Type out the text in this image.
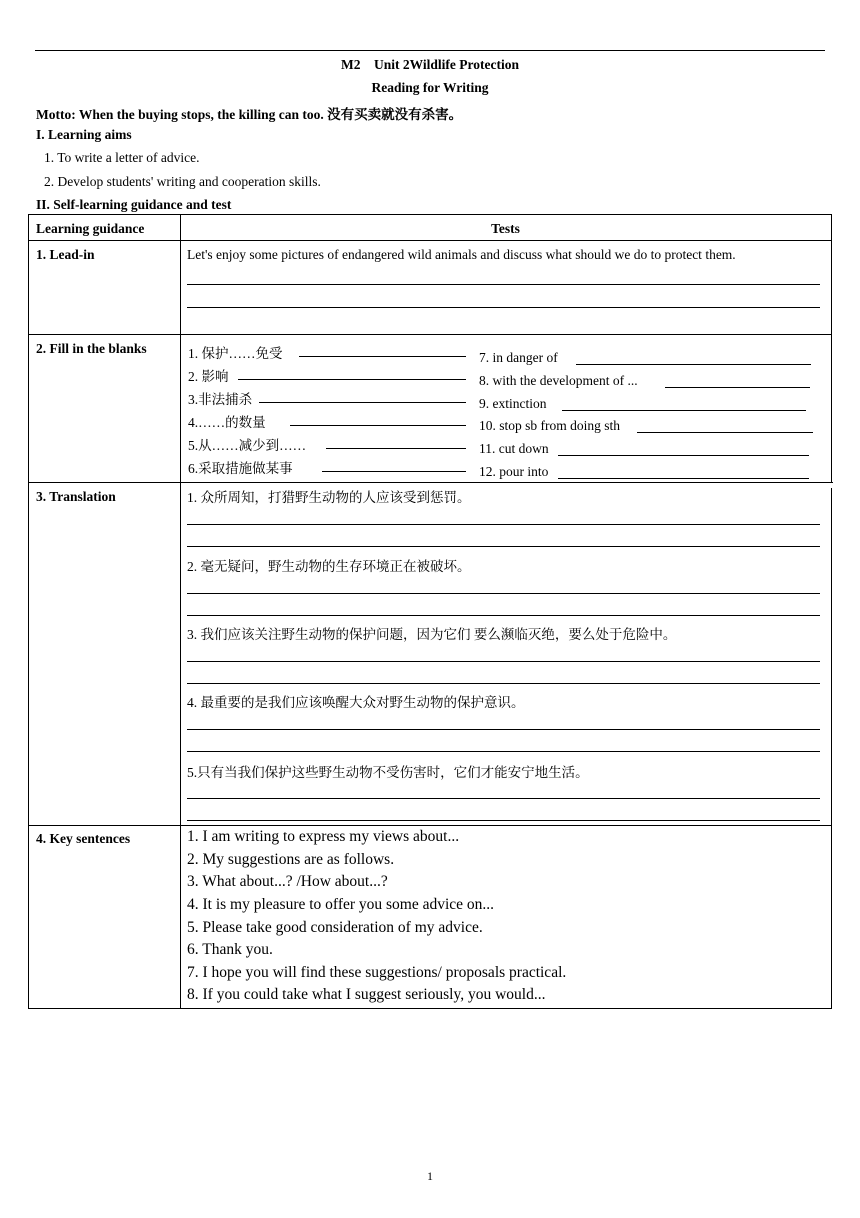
M2    Unit 2Wildlife Protection
Reading for Writing
Motto: When the buying stops, the killing can too. 没有买卖就没有杀害。
I. Learning aims
1. To write a letter of advice.
2. Develop students' writing and cooperation skills.
II. Self-learning guidance and test
Learning guidance	Tests
1. Lead-in	Let's enjoy some pictures of endangered wild animals and discuss what should we do to protect them.
2. Fill in the blanks	1. 保护……免受
2. 影响
3.非法捕杀
4.……的数量
5.从……减少到……
6.采取措施做某事
7. in danger of
8. with the development of ...
9. extinction
10. stop sb from doing sth
11. cut down
12. pour into
3. Translation	1. 众所周知，打猎野生动物的人应该受到惩罚。
2. 毫无疑问，野生动物的生存环境正在被破坏。
3. 我们应该关注野生动物的保护问题，因为它们 要么濒临灭绝，要么处于危险中。
4. 最重要的是我们应该唤醒大众对野生动物的保护意识。
5.只有当我们保护这些野生动物不受伤害时，它们才能安宁地生活。
4. Key sentences	1. I am writing to express my views about...
2. My suggestions are as follows.
3. What about...? /How about...?
4. It is my pleasure to offer you some advice on...
5. Please take good consideration of my advice.
6. Thank you.
7. I hope you will find these suggestions/ proposals practical.
8. If you could take what I suggest seriously, you would...
1
